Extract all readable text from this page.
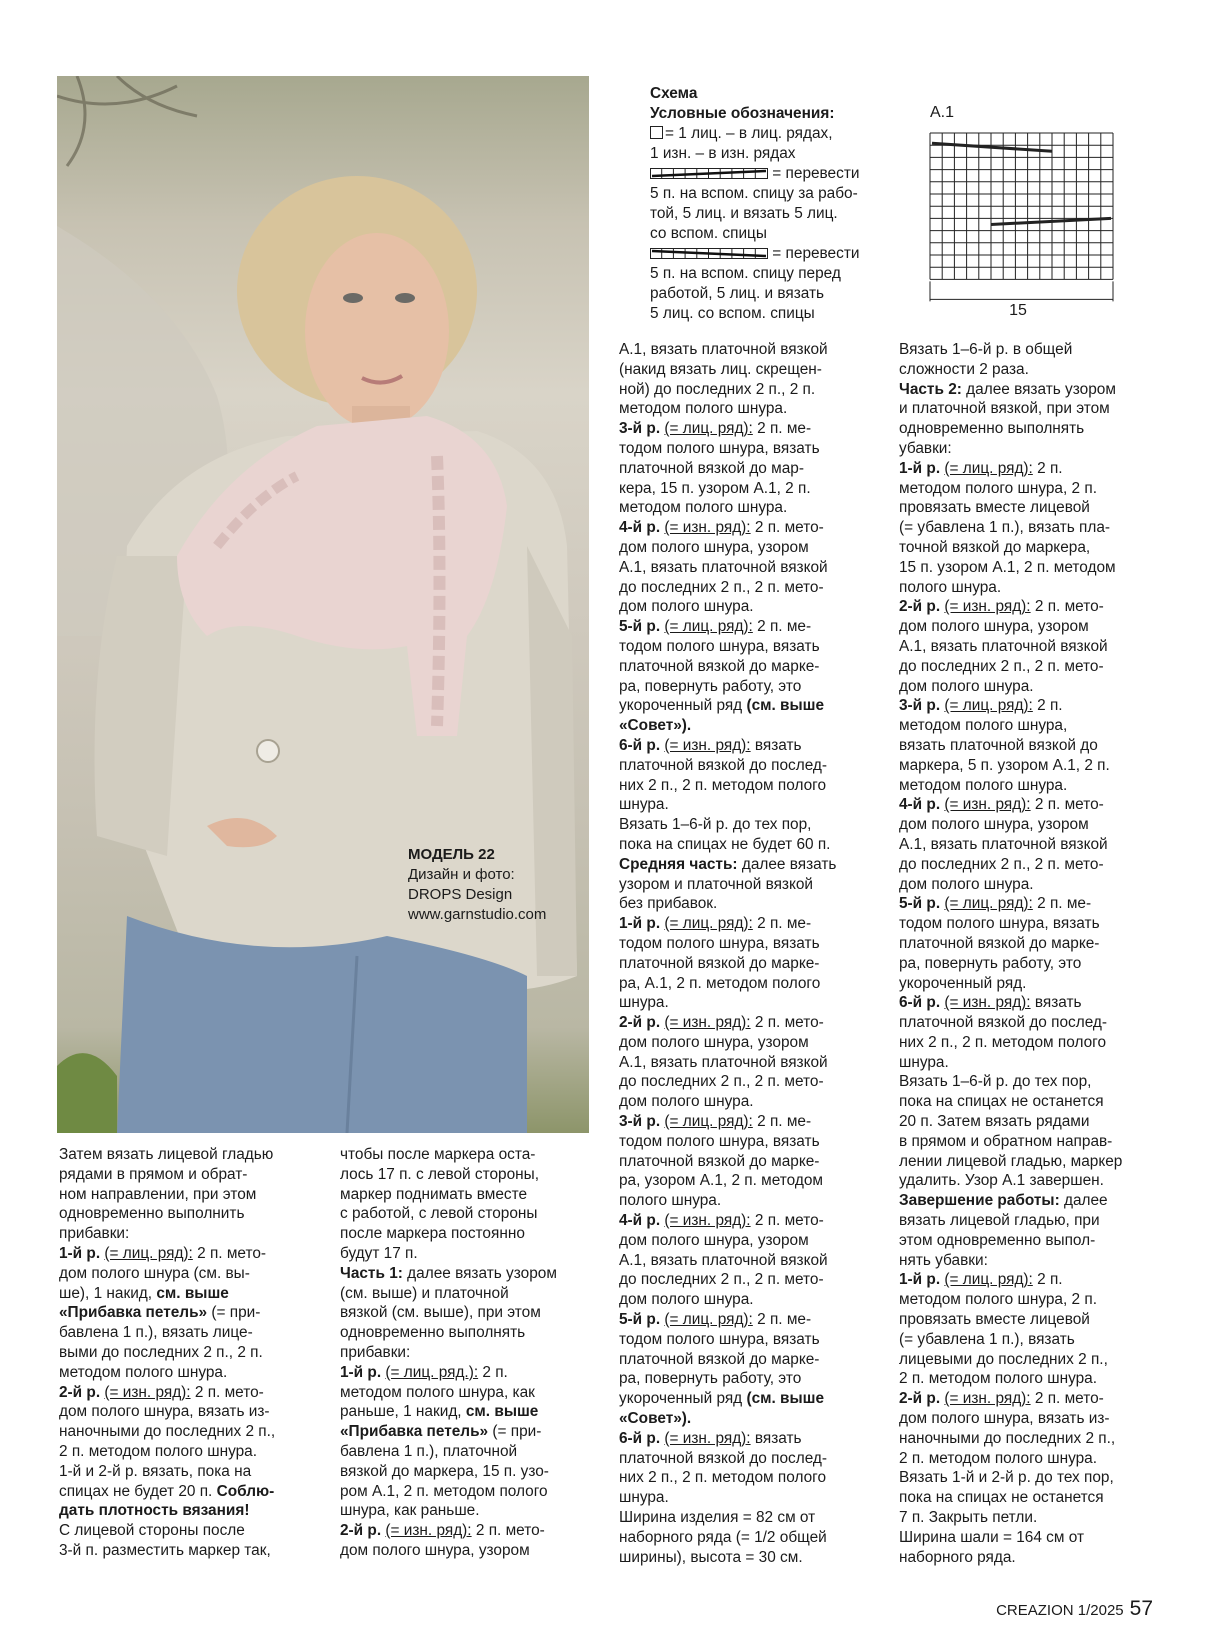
МОДЕЛЬ 22
Дизайн и фото:
DROPS Design
www.garnstudio.com
Схема
Условные обозначения:
= 1 лиц. – в лиц. рядах,
1 изн. – в изн. рядах
= перевести
5 п. на вспом. спицу за рабо-
той, 5 лиц. и вязать 5 лиц.
со вспом. спицы
= перевести
5 п. на вспом. спицу перед
работой, 5 лиц. и вязать
5 лиц. со вспом. спицы
А.1
15
Затем вязать лицевой гладью
рядами в прямом и обрат-
ном направлении, при этом
одновременно выполнить
прибавки:
1-й р. (= лиц. ряд): 2 п. мето-
дом полого шнура (см. вы-
ше), 1 накид, см. выше
«Прибавка петель» (= при-
бавлена 1 п.), вязать лице-
выми до последних 2 п., 2 п.
методом полого шнура.
2-й р. (= изн. ряд): 2 п. мето-
дом полого шнура, вязать из-
наночными до последних 2 п.,
2 п. методом полого шнура.
1-й и 2-й р. вязать, пока на
спицах не будет 20 п. Соблю-
дать плотность вязания!
С лицевой стороны после
3-й п. разместить маркер так,
чтобы после маркера оста-
лось 17 п. с левой стороны,
маркер поднимать вместе
с работой, с левой стороны
после маркера постоянно
будут 17 п.
Часть 1: далее вязать узором
(см. выше) и платочной
вязкой (см. выше), при этом
одновременно выполнять
прибавки:
1-й р. (= лиц. ряд.): 2 п.
методом полого шнура, как
раньше, 1 накид, см. выше
«Прибавка петель» (= при-
бавлена 1 п.), платочной
вязкой до маркера, 15 п. узо-
ром А.1, 2 п. методом полого
шнура, как раньше.
2-й р. (= изн. ряд): 2 п. мето-
дом полого шнура, узором
А.1, вязать платочной вязкой
(накид вязать лиц. скрещен-
ной) до последних 2 п., 2 п.
методом полого шнура.
3-й р. (= лиц. ряд): 2 п. ме-
тодом полого шнура, вязать
платочной вязкой до мар-
кера, 15 п. узором А.1, 2 п.
методом полого шнура.
4-й р. (= изн. ряд): 2 п. мето-
дом полого шнура, узором
А.1, вязать платочной вязкой
до последних 2 п., 2 п. мето-
дом полого шнура.
5-й р. (= лиц. ряд): 2 п. ме-
тодом полого шнура, вязать
платочной вязкой до марке-
ра, повернуть работу, это
укороченный ряд (см. выше
«Совет»).
6-й р. (= изн. ряд): вязать
платочной вязкой до послед-
них 2 п., 2 п. методом полого
шнура.
Вязать 1–6-й р. до тех пор,
пока на спицах не будет 60 п.
Средняя часть: далее вязать
узором и платочной вязкой
без прибавок.
1-й р. (= лиц. ряд): 2 п. ме-
тодом полого шнура, вязать
платочной вязкой до марке-
ра, А.1, 2 п. методом полого
шнура.
2-й р. (= изн. ряд): 2 п. мето-
дом полого шнура, узором
А.1, вязать платочной вязкой
до последних 2 п., 2 п. мето-
дом полого шнура.
3-й р. (= лиц. ряд): 2 п. ме-
тодом полого шнура, вязать
платочной вязкой до марке-
ра, узором А.1, 2 п. методом
полого шнура.
4-й р. (= изн. ряд): 2 п. мето-
дом полого шнура, узором
А.1, вязать платочной вязкой
до последних 2 п., 2 п. мето-
дом полого шнура.
5-й р. (= лиц. ряд): 2 п. ме-
тодом полого шнура, вязать
платочной вязкой до марке-
ра, повернуть работу, это
укороченный ряд (см. выше
«Совет»).
6-й р. (= изн. ряд): вязать
платочной вязкой до послед-
них 2 п., 2 п. методом полого
шнура.
Ширина изделия = 82 см от
наборного ряда (= 1/2 общей
ширины), высота = 30 см.
Вязать 1–6-й р. в общей
сложности 2 раза.
Часть 2: далее вязать узором
и платочной вязкой, при этом
одновременно выполнять
убавки:
1-й р. (= лиц. ряд): 2 п.
методом полого шнура, 2 п.
провязать вместе лицевой
(= убавлена 1 п.), вязать пла-
точной вязкой до маркера,
15 п. узором А.1, 2 п. методом
полого шнура.
2-й р. (= изн. ряд): 2 п. мето-
дом полого шнура, узором
А.1, вязать платочной вязкой
до последних 2 п., 2 п. мето-
дом полого шнура.
3-й р. (= лиц. ряд): 2 п.
методом полого шнура,
вязать платочной вязкой до
маркера, 5 п. узором А.1, 2 п.
методом полого шнура.
4-й р. (= изн. ряд): 2 п. мето-
дом полого шнура, узором
А.1, вязать платочной вязкой
до последних 2 п., 2 п. мето-
дом полого шнура.
5-й р. (= лиц. ряд): 2 п. ме-
тодом полого шнура, вязать
платочной вязкой до марке-
ра, повернуть работу, это
укороченный ряд.
6-й р. (= изн. ряд): вязать
платочной вязкой до послед-
них 2 п., 2 п. методом полого
шнура.
Вязать 1–6-й р. до тех пор,
пока на спицах не останется
20 п. Затем вязать рядами
в прямом и обратном направ-
лении лицевой гладью, маркер
удалить. Узор А.1 завершен.
Завершение работы: далее
вязать лицевой гладью, при
этом одновременно выпол-
нять убавки:
1-й р. (= лиц. ряд): 2 п.
методом полого шнура, 2 п.
провязать вместе лицевой
(= убавлена 1 п.), вязать
лицевыми до последних 2 п.,
2 п. методом полого шнура.
2-й р. (= изн. ряд): 2 п. мето-
дом полого шнура, вязать из-
наночными до последних 2 п.,
2 п. методом полого шнура.
Вязать 1-й и 2-й р. до тех пор,
пока на спицах не останется
7 п. Закрыть петли.
Ширина шали = 164 см от
наборного ряда.
CREAZION 1/2025 57
